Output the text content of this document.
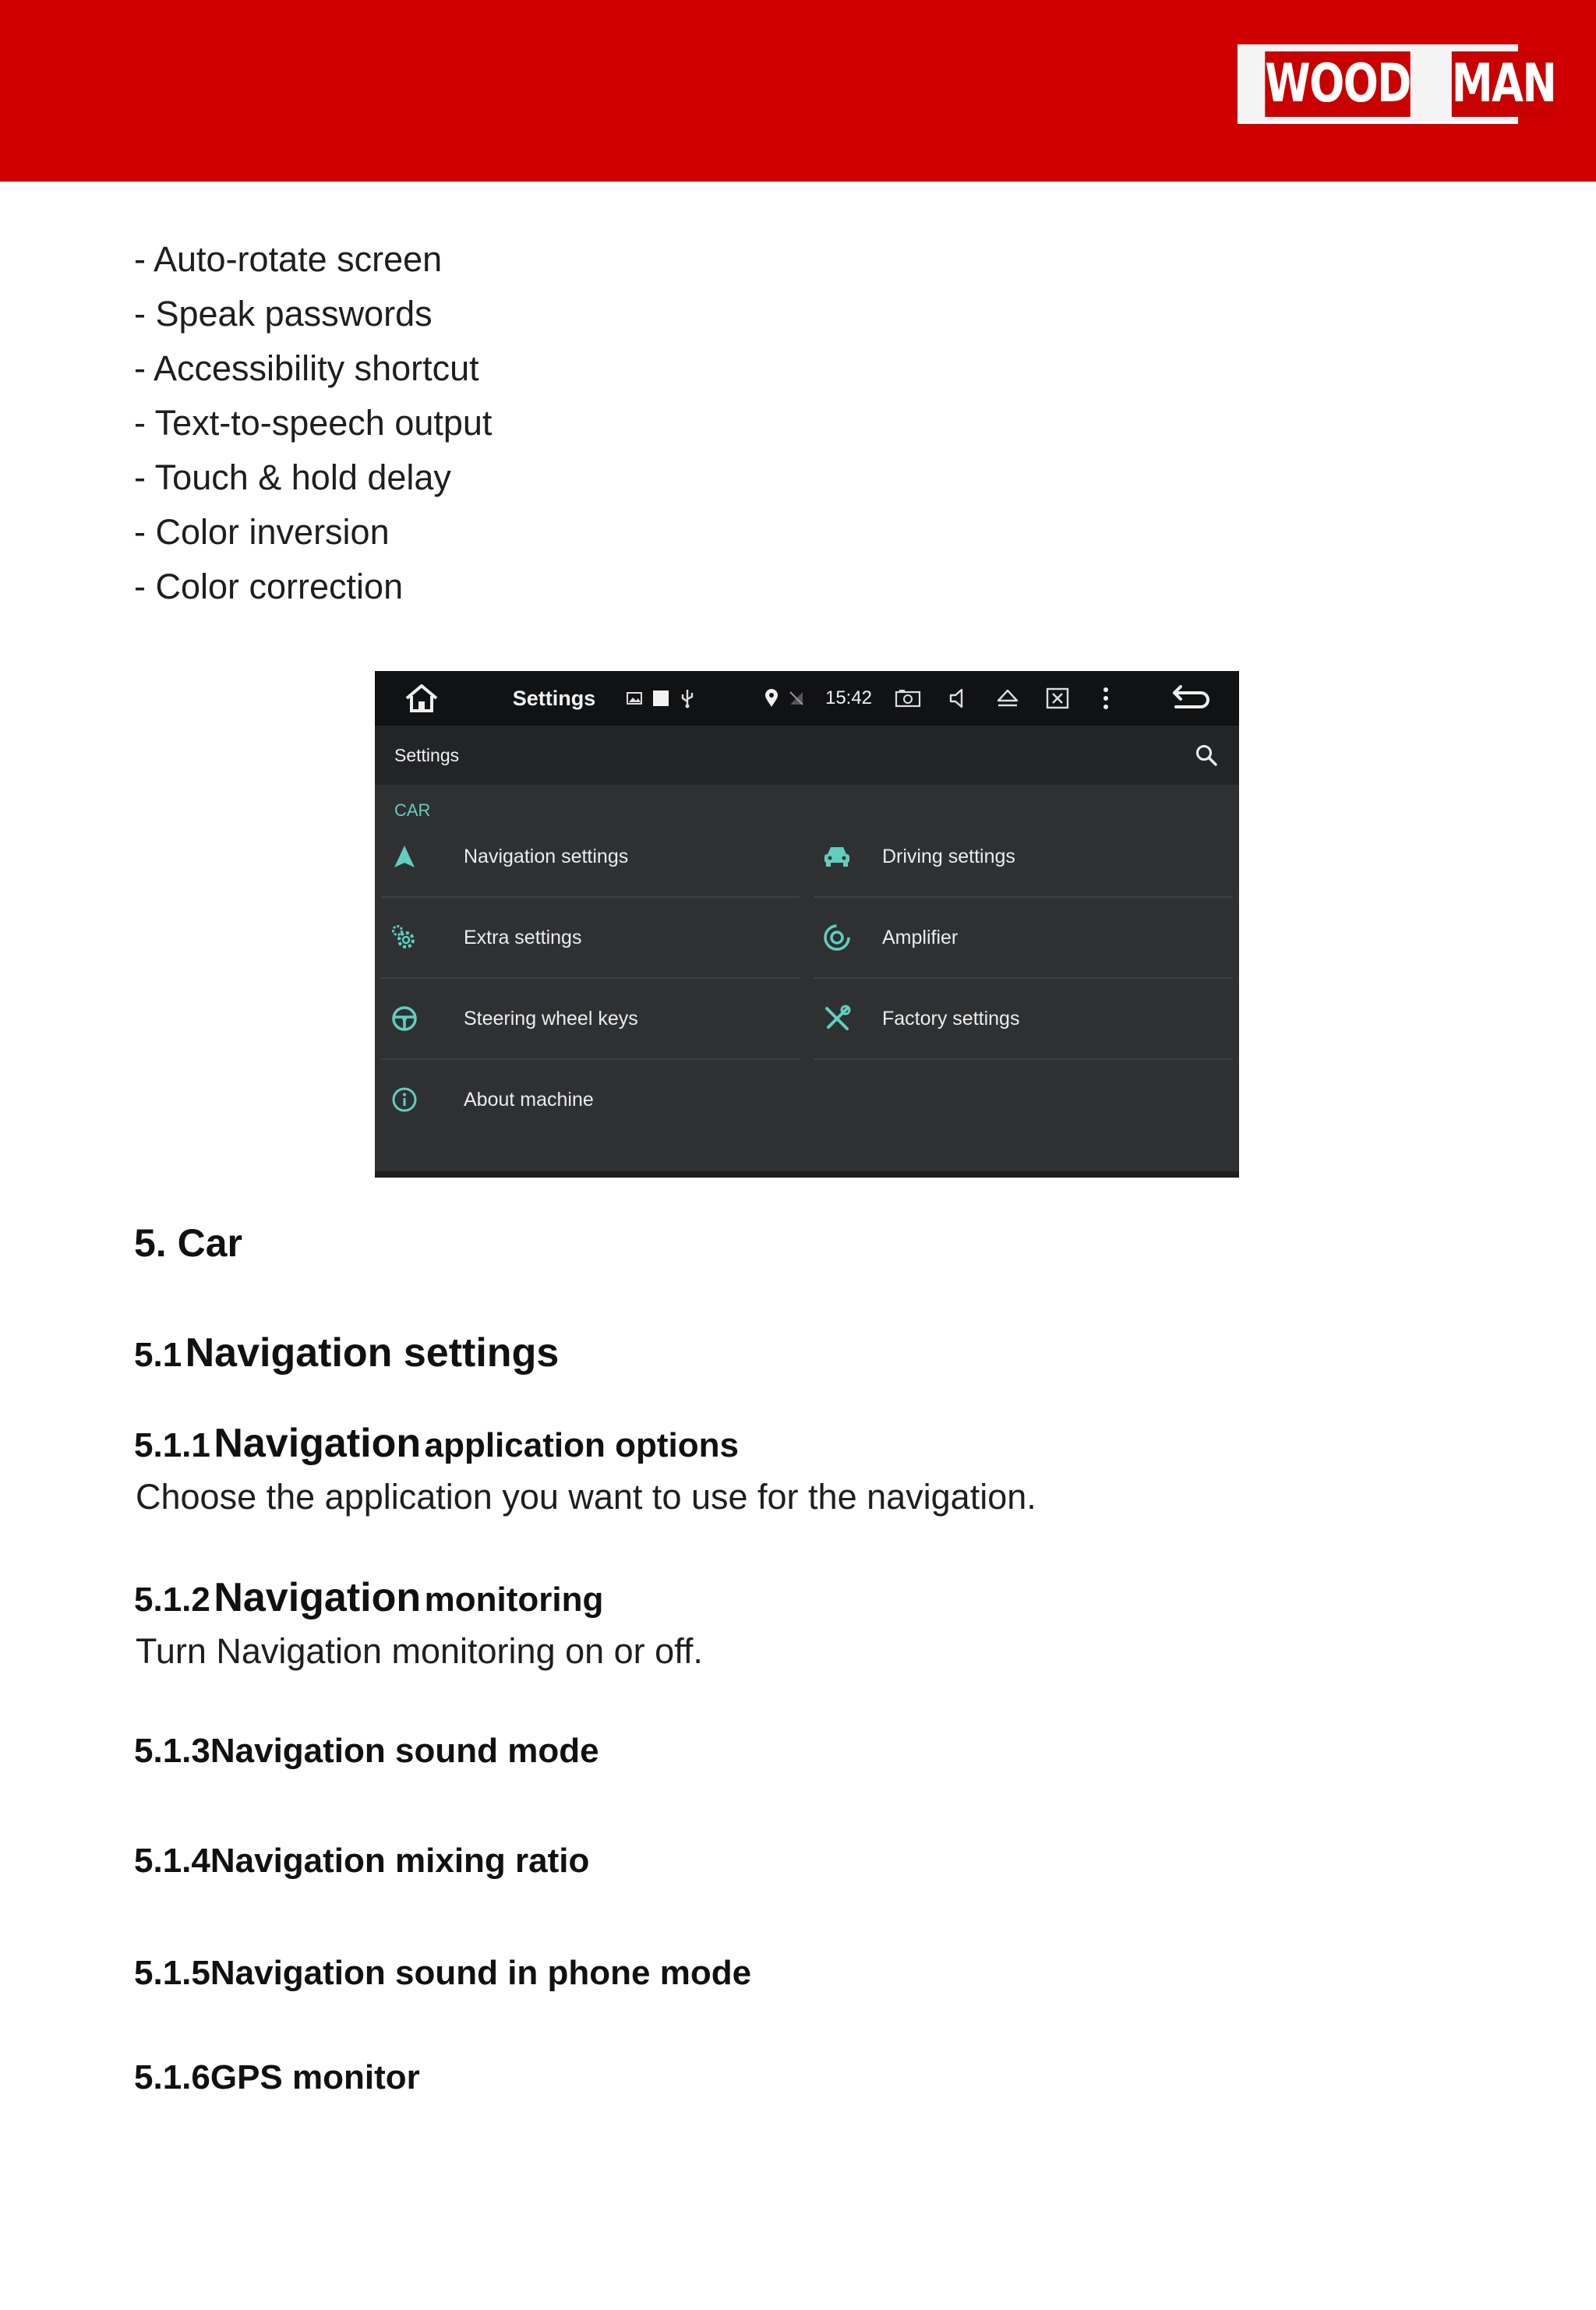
WOOD MAN
- Auto-rotate screen
- Speak passwords
- Accessibility shortcut
- Text-to-speech output
- Touch & hold delay
- Color inversion
- Color correction
Settings	15:42
Settings
CAR
Navigation settings	Driving settings
Extra settings	Amplifier
Steering wheel keys	Factory settings
About machine
5. Car
5.1 Navigation settings
5.1.1 Navigation application options
Choose the application you want to use for the navigation.
5.1.2 Navigation monitoring
Turn Navigation monitoring on or off.
5.1.3Navigation sound mode
5.1.4Navigation mixing ratio
5.1.5Navigation sound in phone mode
5.1.6GPS monitor
